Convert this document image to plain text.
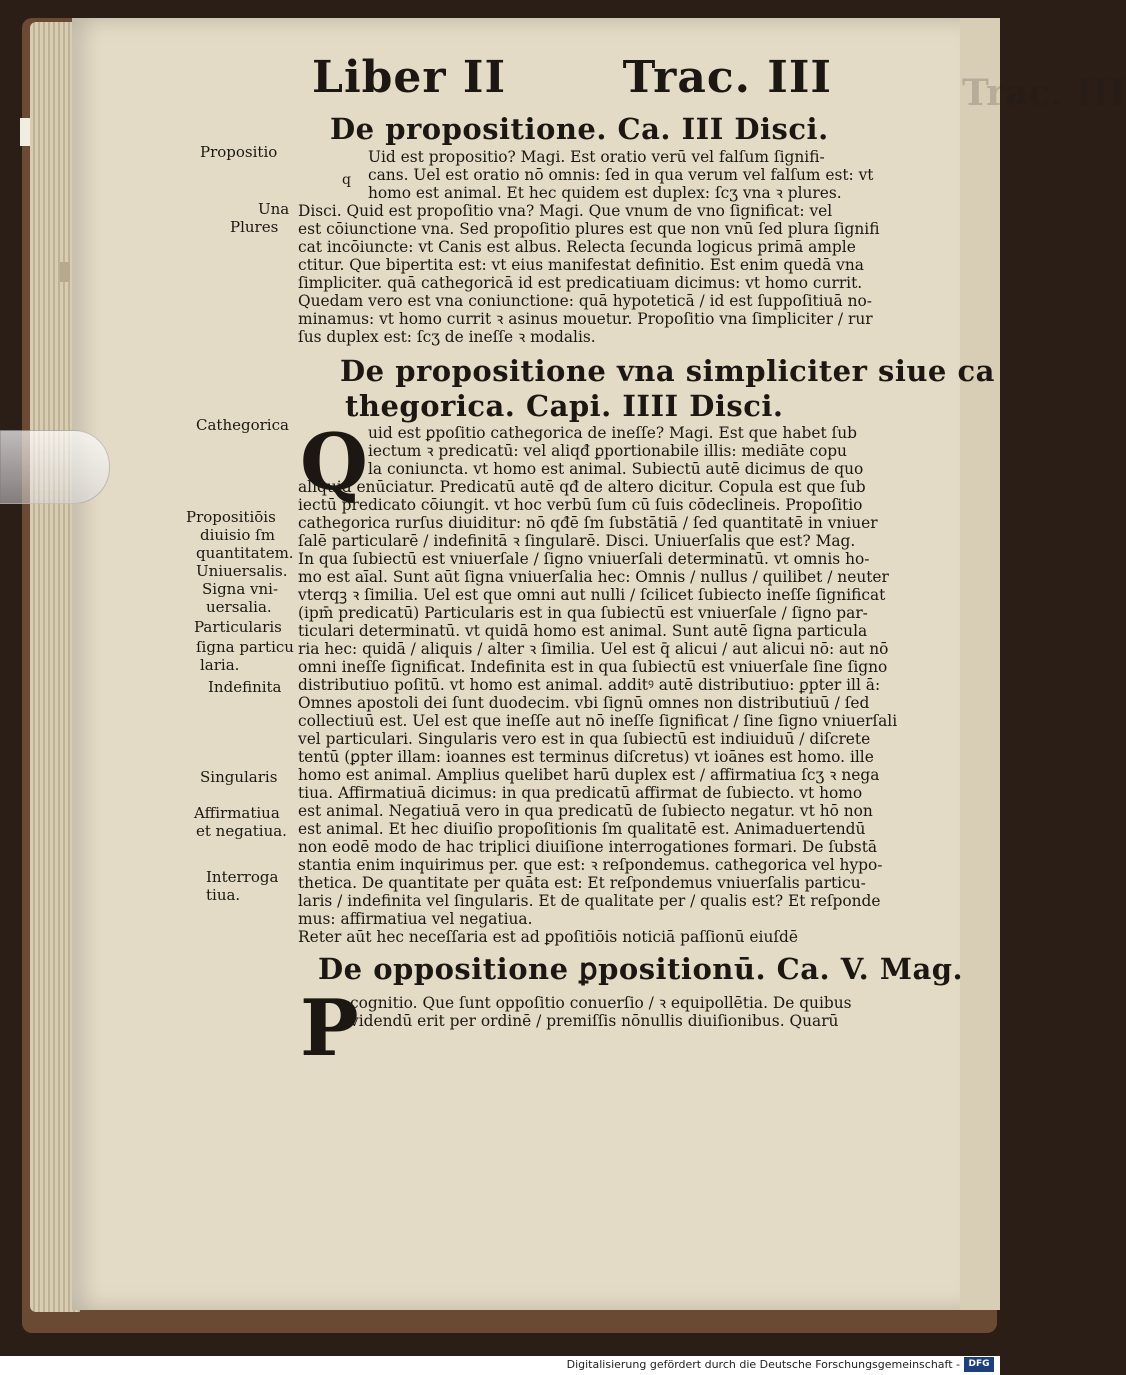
Liber II	Trac. III
De propositione. Ca. III Disci.
De propositione vna simpliciter siue ca
thegorica. Capi. IIII Disci.
De oppositione ꝑpositionū. Ca. V. Mag.
q
Q
P
Propositio
Una
Plures
Cathegorica
Propositiōis
diuisio ſm
quantitatem.
Uniuersalis.
Signa vni-
uersalia.
Particularis
ſigna particu
laria.
Indefinita
Singularis
Affirmatiua
et negatiua.
Interroga
tiua.
Uid est propositio? Magi. Est oratio verū vel falſum ſignifi-
cans. Uel est oratio nō omnis: ſed in qua verum vel falſum est: vt
homo est animal. Et hec quidem est duplex: ſcʒ vna ꝛ plures.
Disci. Quid est propoſitio vna? Magi. Que vnum de vno ſignificat: vel
est cōiunctione vna. Sed propoſitio plures est que non vnū ſed plura ſignifi
cat incōiuncte: vt Canis est albus. Relecta ſecunda logicus primā ample
ctitur. Que bipertita est: vt eius manifestat definitio. Est enim quedā vna
ſimpliciter. quā cathegoricā id est predicatiuam dicimus: vt homo currit.
Quedam vero est vna coniunctione: quā hypoteticā / id est ſuppoſitiuā no-
minamus: vt homo currit ꝛ asinus mouetur. Propoſitio vna ſimpliciter / rur
ſus duplex est: ſcʒ de ineſſe ꝛ modalis.
uid est ꝑpoſitio cathegorica de ineſſe? Magi. Est que habet ſub
iectum ꝛ predicatū: vel aliqđ ꝑportionabile illis: mediāte copu
la coniuncta. vt homo est animal. Subiectū autē dicimus de quo
aliquid enūciatur. Predicatū autē qđ de altero dicitur. Copula est que ſub
iectū predicato cōiungit. vt hoc verbū ſum cū ſuis cōdeclineis. Propoſitio
cathegorica rurſus diuiditur: nō qđē ſm ſubstātiā / ſed quantitatē in vniuer
ſalē particularē / indefinitā ꝛ ſingularē. Disci. Uniuerſalis que est? Mag.
In qua ſubiectū est vniuerſale / ſigno vniuerſali determinatū. vt omnis ho-
mo est aīal. Sunt aūt ſigna vniuerſalia hec: Omnis / nullus / quilibet / neuter
vterqꝫ ꝛ ſimilia. Uel est que omni aut nulli / ſcilicet ſubiecto ineſſe ſignificat
(ipm̄ predicatū) Particularis est in qua ſubiectū est vniuerſale / ſigno par-
ticulari determinatū. vt quidā homo est animal. Sunt autē ſigna particula
ria hec: quidā / aliquis / alter ꝛ ſimilia. Uel est q̄ alicui / aut alicui nō: aut nō
omni ineſſe ſignificat. Indefinita est in qua ſubiectū est vniuerſale ſine ſigno
distributiuo poſitū. vt homo est animal. additꝰ autē distributiuo: ꝑpter ill ā:
Omnes apostoli dei ſunt duodecim. vbi ſignū omnes non distributiuū / ſed
collectiuū est. Uel est que ineſſe aut nō ineſſe ſignificat / ſine ſigno vniuerſali
vel particulari. Singularis vero est in qua ſubiectū est indiuiduū / diſcrete
tentū (ꝑpter illam: ioannes est terminus diſcretus) vt ioānes est homo. ille
homo est animal. Amplius quelibet harū duplex est / affirmatiua ſcʒ ꝛ nega
tiua. Affirmatiuā dicimus: in qua predicatū affirmat de ſubiecto. vt homo
est animal. Negatiuā vero in qua predicatū de ſubiecto negatur. vt hō non
est animal. Et hec diuiſio propoſitionis ſm qualitatē est. Animaduertendū
non eodē modo de hac triplici diuiſione interrogationes formari. De ſubstā
stantia enim inquirimus per. que est: ꝛ reſpondemus. cathegorica vel hypo-
thetica. De quantitate per quāta est: Et reſpondemus vniuerſalis particu-
laris / indefinita vel ſingularis. Et de qualitate per / qualis est? Et reſponde
mus: affirmatiua vel negatiua.
Reter aūt hec neceſſaria est ad ꝑpoſitiōis noticiā paſſionū eiuſdē
cognitio. Que ſunt oppoſitio conuerſio / ꝛ equipollētia. De quibus
videndū erit per ordinē / premiſſis nōnullis diuiſionibus. Quarū
Trac. III
Digitalisierung gefördert durch die Deutsche Forschungsgemeinschaft - DFG
